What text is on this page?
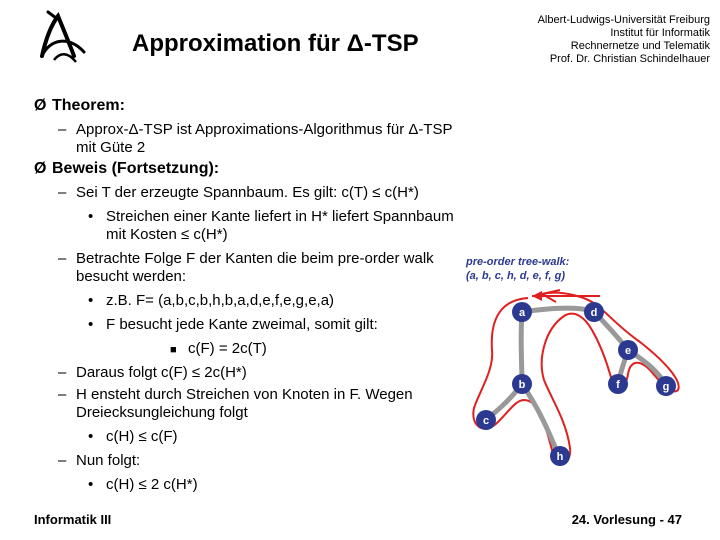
Approximation für Δ-TSP
Albert-Ludwigs-Universität Freiburg
Institut für Informatik
Rechnernetze und Telematik
Prof. Dr. Christian Schindelhauer
Ø Theorem:
– Approx-Δ-TSP ist Approximations-Algorithmus für Δ-TSP
mit Güte 2
Ø Beweis (Fortsetzung):
– Sei T der erzeugte Spannbaum. Es gilt: c(T) ≤ c(H*)
• Streichen einer Kante liefert in H* liefert Spannbaum
mit Kosten ≤ c(H*)
– Betrachte Folge F der Kanten die beim pre-order walk
besucht werden:
• z.B. F= (a,b,c,b,h,b,a,d,e,f,e,g,e,a)
• F besucht jede Kante zweimal, somit gilt:
■ c(F) = 2c(T)
– Daraus folgt c(F) ≤ 2c(H*)
– H ensteht durch Streichen von Knoten in F. Wegen
Dreiecksungleichung folgt
• c(H) ≤ c(F)
– Nun folgt:
• c(H) ≤ 2 c(H*)
pre-order tree-walk:
(a, b, c, h, d, e, f, g)
a	d
e
b	f	g
c
h
Informatik III	24. Vorlesung - 47
